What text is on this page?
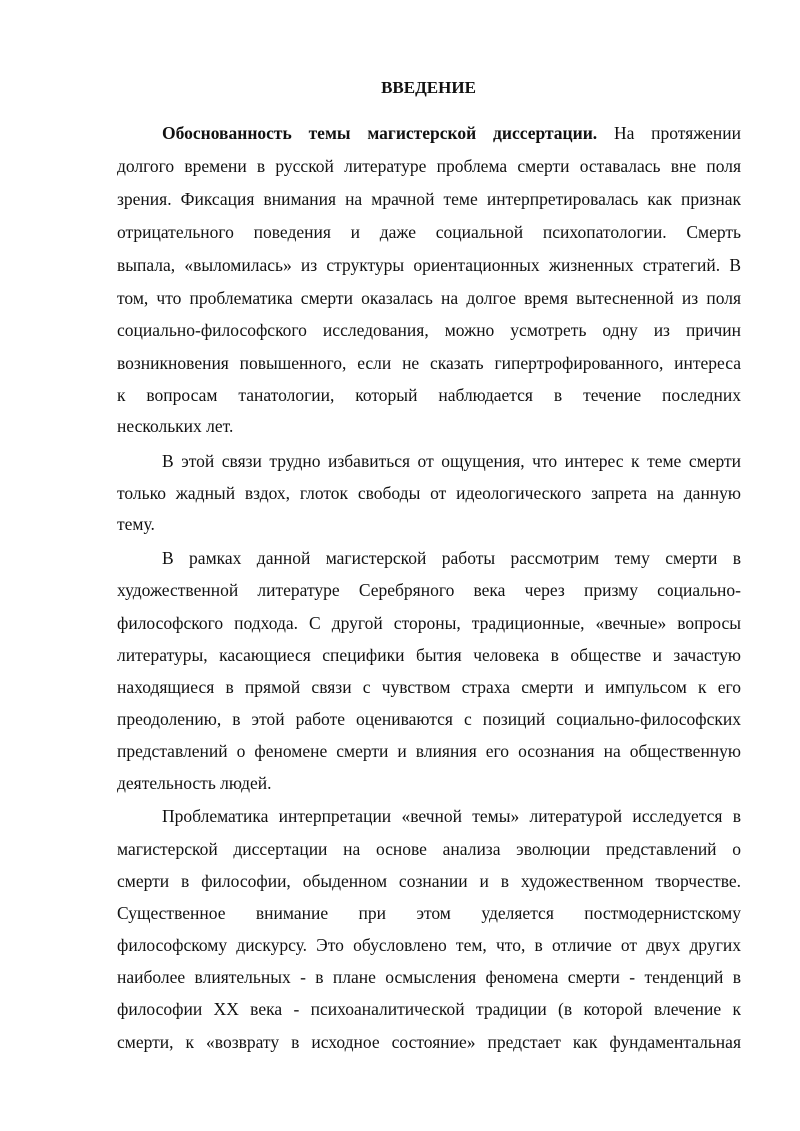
ВВЕДЕНИЕ
Обоснованность темы магистерской диссертации. На протяжении
долгого времени в русской литературе проблема смерти оставалась вне поля
зрения. Фиксация внимания на мрачной теме интерпретировалась как признак
отрицательного поведения и даже социальной психопатологии. Смерть
выпала, «выломилась» из структуры ориентационных жизненных стратегий. В
том, что проблематика смерти оказалась на долгое время вытесненной из поля
социально-философского исследования, можно усмотреть одну из причин
возникновения повышенного, если не сказать гипертрофированного, интереса
к вопросам танатологии, который наблюдается в течение последних
нескольких лет.
В этой связи трудно избавиться от ощущения, что интерес к теме смерти
только жадный вздох, глоток свободы от идеологического запрета на данную
тему.
В рамках данной магистерской работы рассмотрим тему смерти в
художественной литературе Серебряного века через призму социально-
философского подхода. С другой стороны, традиционные, «вечные» вопросы
литературы, касающиеся специфики бытия человека в обществе и зачастую
находящиеся в прямой связи с чувством страха смерти и импульсом к его
преодолению, в этой работе оцениваются с позиций социально-философских
представлений о феномене смерти и влияния его осознания на общественную
деятельность людей.
Проблематика интерпретации «вечной темы» литературой исследуется в
магистерской диссертации на основе анализа эволюции представлений о
смерти в философии, обыденном сознании и в художественном творчестве.
Существенное внимание при этом уделяется постмодернистскому
философскому дискурсу. Это обусловлено тем, что, в отличие от двух других
наиболее влиятельных - в плане осмысления феномена смерти - тенденций в
философии XX века - психоаналитической традиции (в которой влечение к
смерти, к «возврату в исходное состояние» предстает как фундаментальная
